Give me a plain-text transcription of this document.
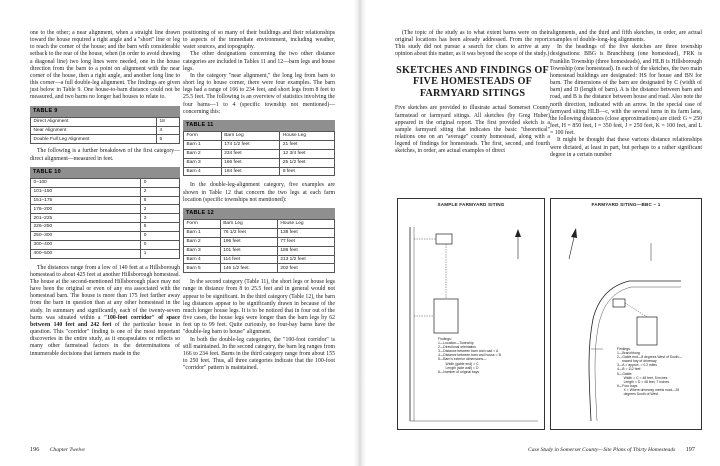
one to the other; a near alignment, when a straight line drawn toward the house required a right angle and a "short" line or leg to reach the corner of the house; and the barn with considerable setback to the rear of the house, when (in order to avoid drawing a diagonal line) two long lines were needed, one in the house direction from the barn to a point on alignment with the near corner of the house, then a right angle, and another long line to this corner—a full double-leg alignment. The findings are given just below in Table 9. One house-to-barn distance could not be measured, and two barns no longer had houses to relate to.

TABLE 9
Direct Alignment	18
Near Alignment	4
Double Full Leg Alignment	5

The following is a further breakdown of the first category—direct alignment—measured in feet.

TABLE 10
0–100	0
101–150	2
151–175	5
176–200	2
201–225	3
226–250	5
250–300	0
300–400	0
400–500	1

The distances range from a low of 140 feet at a Hillsborough homestead to about 425 feet at another Hillsborough homestead. The house at the second-mentioned Hillsborough place may not have been the original or even of any era associated with the homestead barn. The house is more than 175 feet farther away from the barn in question than at any other homestead in the study. In summary and significantly, each of the twenty-seven barns was situated within a "100-foot corridor" of space between 140 feet and 242 feet of the particular house in question. This "corridor" finding is one of the most important discoveries in the entire study, as it encapsulates or reflects so many other farmstead factors in the determinations of innumerable decisions that farmers made in the

positioning of so many of their buildings and their relationships to aspects of the immediate environment, including weather, water sources, and topography.

The other designations concerning the two other distance categories are included in Tables 11 and 12—barn legs and house legs.

In the category "near alignment," the long leg from barn to short leg to house corner, there were four examples. The barn legs had a range of 166 to 234 feet, and short legs from 8 feet to 25.5 feet. The following is an overview of statistics involving the four barns—1 to 4 (specific township not mentioned)—concerning this:

TABLE 11
Form	Barn Leg	House Leg
Barn 1	174 1/2 feet	21 feet
Barn 2	234 feet	12 3/4 feet
Barn 3	166 feet	25 1/2 feet
Barn 4	184 feet	8 feet

In the double-leg-alignment category, five examples are shown in Table 12 that concern the two legs at each farm location (specific townships not mentioned):

TABLE 12
Form	Barn Leg	House Leg
Barn 1	76 1/2 feet	138 feet
Barn 2	196 feet	77 feet
Barn 3	101 feet	186 feet
Barn 4	114 feet	213 1/2 feet
Barn 5	146 1/2 feet	202 feet

In the second category (Table 11), the short legs or house legs range in distance from 8 to 25.5 feet and in general would not appear to be significant. In the third category (Table 12), the barn leg distances appear to be significantly drawn in because of the much longer house legs. It is to be noticed that in four out of the five cases, the house legs were longer than the barn legs by 62 feet up to 99 feet. Quite curiously, no four-bay barns have the "double-leg barn to house" alignment.

In both the double-leg categories, the "100-foot corridor" is still maintained. In the second category, the barn leg ranges from 166 to 234 feet. Barns in the third category range from about 155 to 250 feet. Thus, all three categories indicate that the 100-foot "corridor" pattern is maintained.

196 Chapter Twelve

(The topic of the study as to what extent barns were on their original locations has been already addressed. From the report: This study did not pursue a search for clues to arrive at any opinion about this matter, as it was beyond the scope of the study.)

SKETCHES AND FINDINGS OF FIVE HOMESTEADS OF FARMYARD SITINGS

Five sketches are provided to illustrate actual Somerset County farmstead or farmyard sitings. All sketches (by Greg Huber) appeared in the original report. The first provided sketch is a sample farmyard siting that indicates the basic "theoretical" relations one on an "average" county homestead, along with a legend of findings for homesteads. The first, second, and fourth sketches, in order, are actual examples of direct

alignments, and the third and fifth sketches, in order, are actual examples of double-long-leg alignments.

In the headings of the five sketches are three township designations: BBG is Branchburg (one homestead), FRK is Franklin Township (three homesteads), and HLB is Hillsborough Township (one homestead). In each of the sketches, the two main homestead buildings are designated: HS for house and BN for barn. The dimensions of the barn are designated by C (width of barn) and D (length of barn). A is the distance between barn and road, and B is the distance between house and road. Also note the north direction, indicated with an arrow. In the special case of farmyard siting HLB—c, with the several turns in its farm lane, the following distances (close approximations) are cited: G = 250 feet, H = 850 feet, I = 350 feet, J = 250 feet, K = 100 feet, and L = 100 feet.

It might be thought that these various distance relationships were dictated, at least in part, but perhaps to a rather significant degree in a certain number

SAMPLE FARMYARD SITING
Findings:
1—Location—Township
2—Directional orientation
3—Distance between barn and road = A
4—Distance between barn and house = B
5—Barn's exterior dimensions—
Width (gable end) = C
Length (side wall) = D
6—Number of original bays
FARMYARD SITING—BBC – 1
Findings:
1—Branchburg
2—Gable end—8 degrees West of South—
roward bay of driveway
3—A = approx. = 0.2 miles
4—B = 112 feet
5—Gable:
Width = C = 48 feet, 5 inches
Length = D = 48 feet, 7 inches
6—Four bays
X = Where driveway meets road—25
degrees South of West
Case Study in Somerset County—Site Plans of Thirty Homesteads 197
